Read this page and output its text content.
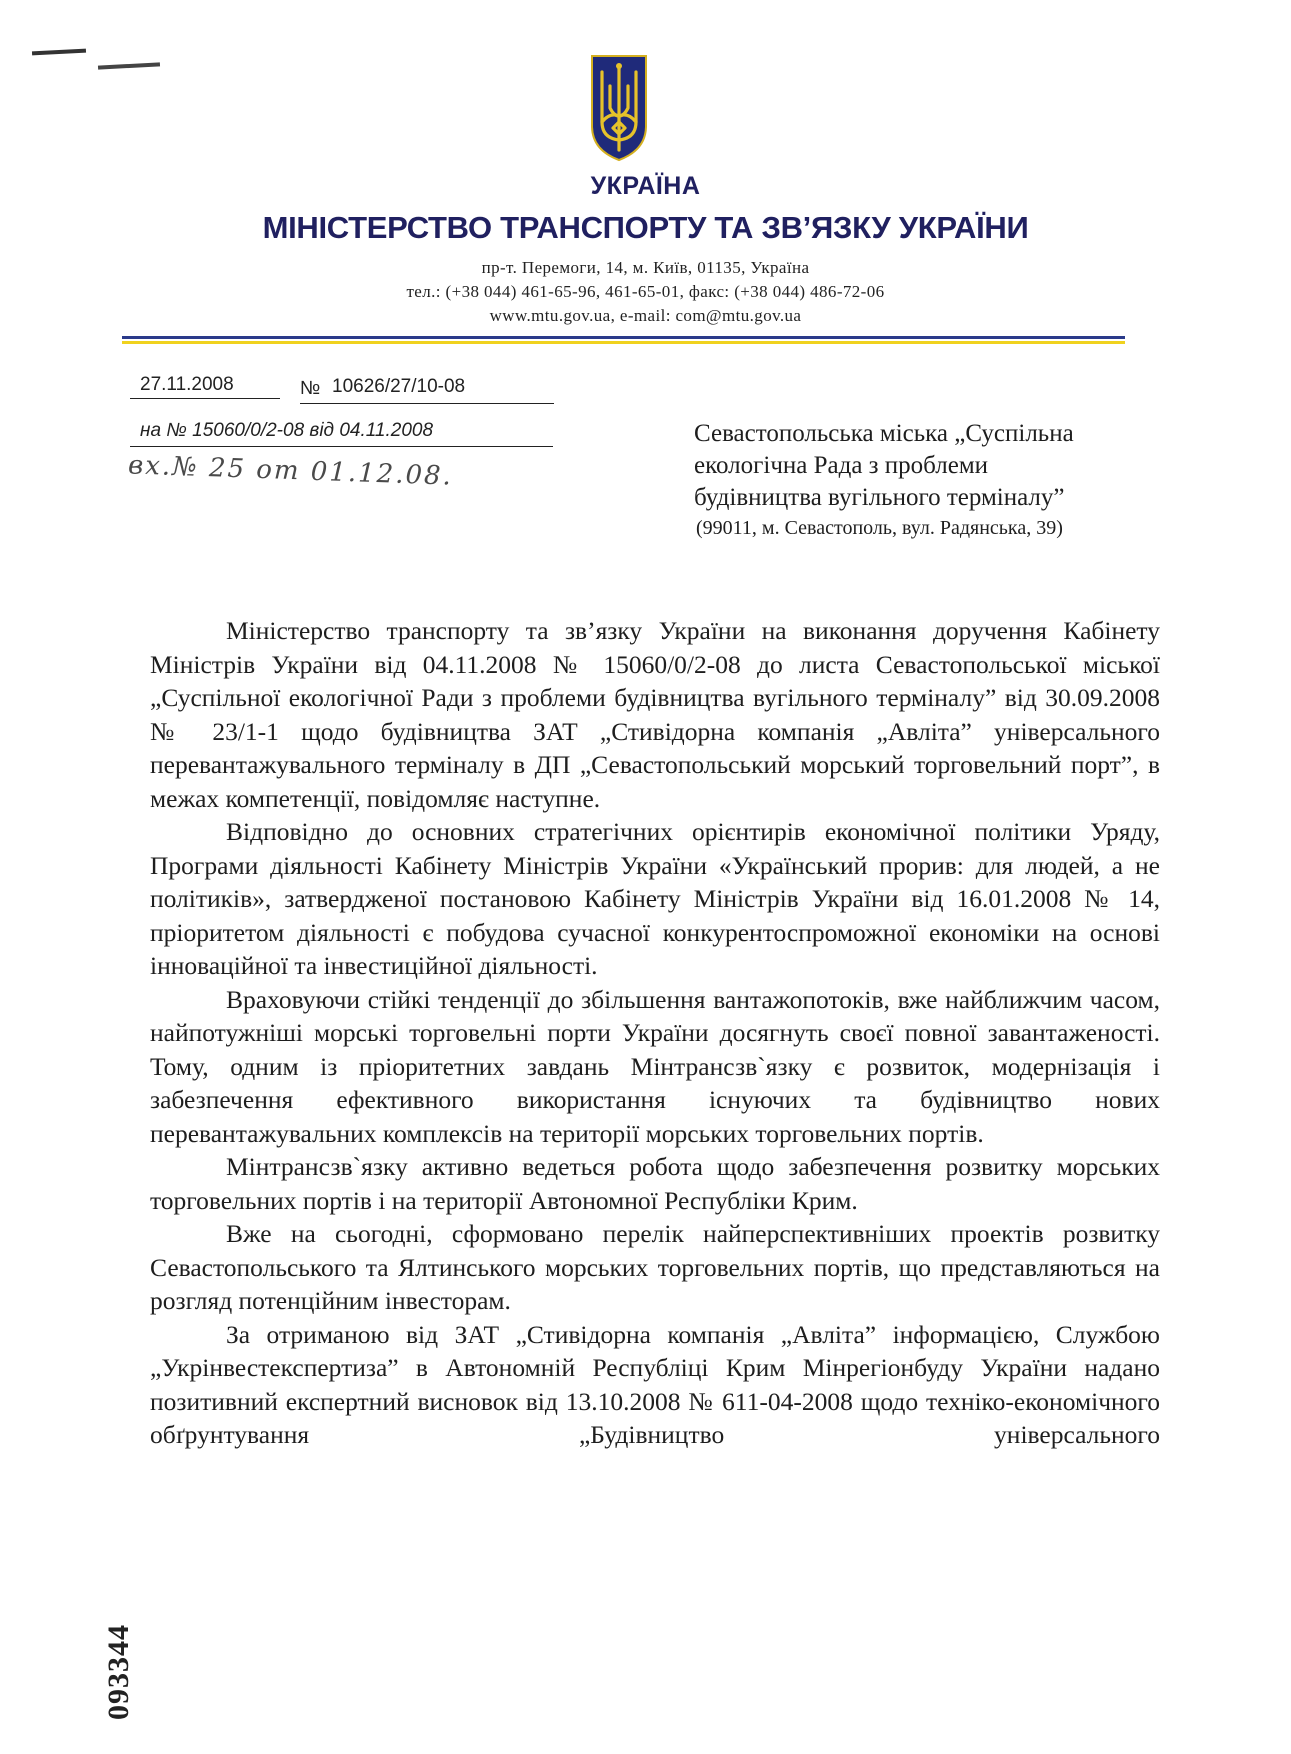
УКРАЇНА
МІНІСТЕРСТВО ТРАНСПОРТУ ТА ЗВ’ЯЗКУ УКРАЇНИ
пр-т. Перемоги, 14, м. Київ, 01135, Україна
тел.: (+38 044) 461-65-96, 461-65-01, факс: (+38 044) 486-72-06
www.mtu.gov.ua, e-mail: com@mtu.gov.ua
27.11.2008	№ 10626/27/10-08
на № 15060/0/2-08 від 04.11.2008
вх.№ 25 от 01.12.08.
Севастопольська міська „Суспільна
екологічна Рада з проблеми
будівництва вугільного терміналу”
(99011, м. Севастополь, вул. Радянська, 39)

Міністерство транспорту та зв’язку України на виконання доручення Кабінету Міністрів України від 04.11.2008 № 15060/0/2-08 до листа Севастопольської міської „Суспільної екологічної Ради з проблеми будівництва вугільного терміналу” від 30.09.2008 № 23/1-1 щодо будівництва ЗАТ „Стивідорна компанія „Авліта” універсального перевантажувального терміналу в ДП „Севастопольський морський торговельний порт”, в межах компетенції, повідомляє наступне.

Відповідно до основних стратегічних орієнтирів економічної політики Уряду, Програми діяльності Кабінету Міністрів України «Український прорив: для людей, а не політиків», затвердженої постановою Кабінету Міністрів України від 16.01.2008 № 14, пріоритетом діяльності є побудова сучасної конкурентоспроможної економіки на основі інноваційної та інвестиційної діяльності.

Враховуючи стійкі тенденції до збільшення вантажопотоків, вже найближчим часом, найпотужніші морські торговельні порти України досягнуть своєї повної завантаженості. Тому, одним із пріоритетних завдань Мінтрансзв`язку є розвиток, модернізація і забезпечення ефективного використання існуючих та будівництво нових перевантажувальних комплексів на території морських торговельних портів.

Мінтрансзв`язку активно ведеться робота щодо забезпечення розвитку морських торговельних портів і на території Автономної Республіки Крим.

Вже на сьогодні, сформовано перелік найперспективніших проектів розвитку Севастопольського та Ялтинського морських торговельних портів, що представляються на розгляд потенційним інвесторам.

За отриманою від ЗАТ „Стивідорна компанія „Авліта” інформацією, Службою „Укрінвестекспертиза” в Автономній Республіці Крим Мінрегіонбуду України надано позитивний експертний висновок від 13.10.2008 № 611-04-2008 щодо техніко-економічного обґрунтування „Будівництво універсального

093344
